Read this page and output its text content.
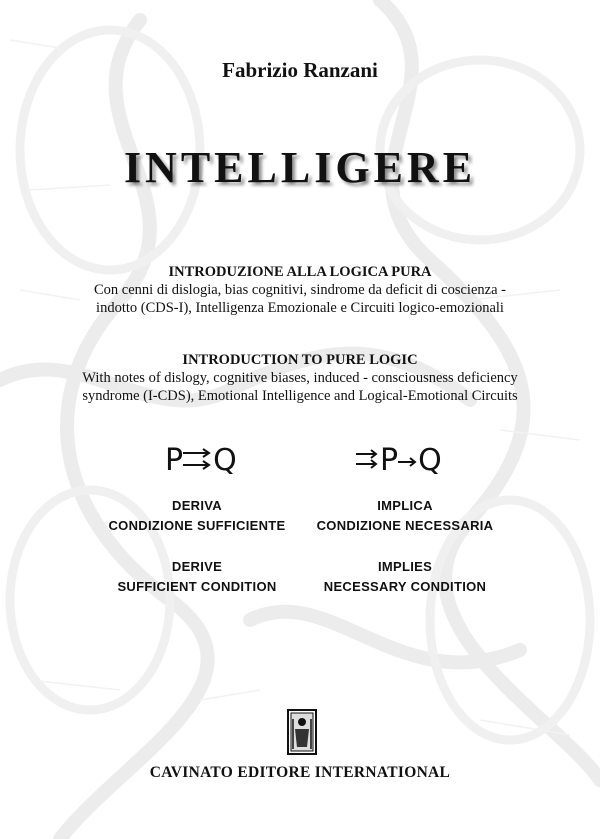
Fabrizio Ranzani
INTELLIGERE
INTRODUZIONE ALLA LOGICA PURA
Con cenni di dislogia, bias cognitivi, sindrome da deficit di coscienza -
indotto (CDS-I), Intelligenza Emozionale e Circuiti logico-emozionali
INTRODUCTION TO PURE LOGIC
With notes of dislogy, cognitive biases, induced - consciousness deficiency
syndrome (I-CDS), Emotional Intelligence and Logical-Emotional Circuits
P Q	P Q
DERIVA
CONDIZIONE SUFFICIENTE
IMPLICA
CONDIZIONE NECESSARIA
DERIVE
SUFFICIENT CONDITION
IMPLIES
NECESSARY CONDITION
CAVINATO EDITORE INTERNATIONAL
